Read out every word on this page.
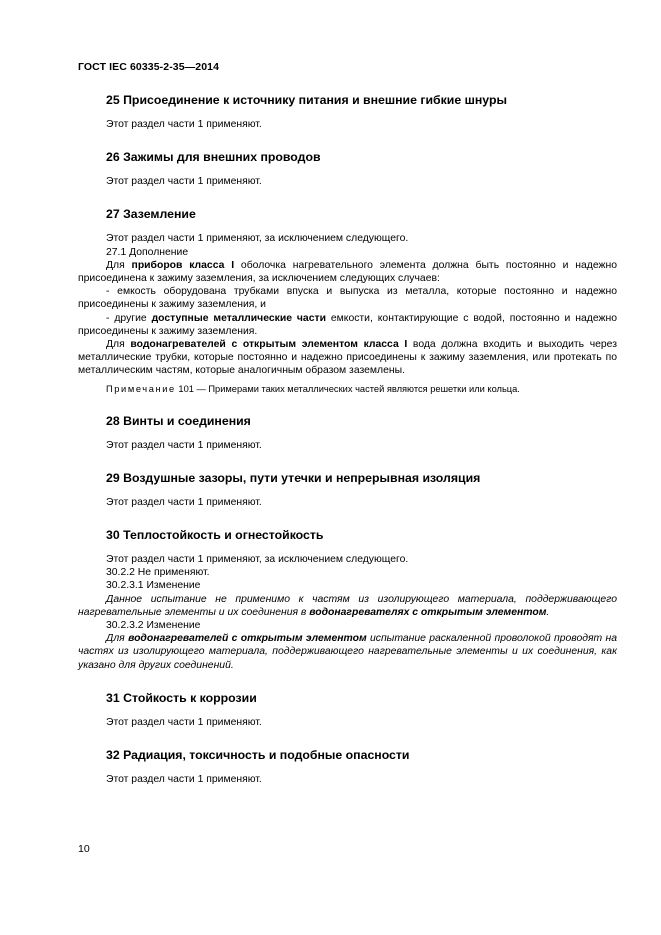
ГОСТ IEC 60335-2-35—2014
25 Присоединение к источнику питания и внешние гибкие шнуры

Этот раздел части 1 применяют.

26 Зажимы для внешних проводов

Этот раздел части 1 применяют.

27 Заземление

Этот раздел части 1 применяют, за исключением следующего.

27.1 Дополнение

Для приборов класса I оболочка нагревательного элемента должна быть постоянно и надежно присоединена к зажиму заземления, за исключением следующих случаев:

- емкость оборудована трубками впуска и выпуска из металла, которые постоянно и надежно присоединены к зажиму заземления, и

- другие доступные металлические части емкости, контактирующие с водой, постоянно и надежно присоединены к зажиму заземления.

Для водонагревателей с открытым элементом класса I вода должна входить и выходить через металлические трубки, которые постоянно и надежно присоединены к зажиму заземления, или протекать по металлическим частям, которые аналогичным образом заземлены.

Примечание 101 — Примерами таких металлических частей являются решетки или кольца.

28 Винты и соединения

Этот раздел части 1 применяют.

29 Воздушные зазоры, пути утечки и непрерывная изоляция

Этот раздел части 1 применяют.

30 Теплостойкость и огнестойкость

Этот раздел части 1 применяют, за исключением следующего.

30.2.2 Не применяют.

30.2.3.1 Изменение

Данное испытание не применимо к частям из изолирующего материала, поддерживающего нагревательные элементы и их соединения в водонагревателях с открытым элементом.

30.2.3.2 Изменение

Для водонагревателей с открытым элементом испытание раскаленной проволокой проводят на частях из изолирующего материала, поддерживающего нагревательные элементы и их соединения, как указано для других соединений.

31 Стойкость к коррозии

Этот раздел части 1 применяют.

32 Радиация, токсичность и подобные опасности

Этот раздел части 1 применяют.

10
